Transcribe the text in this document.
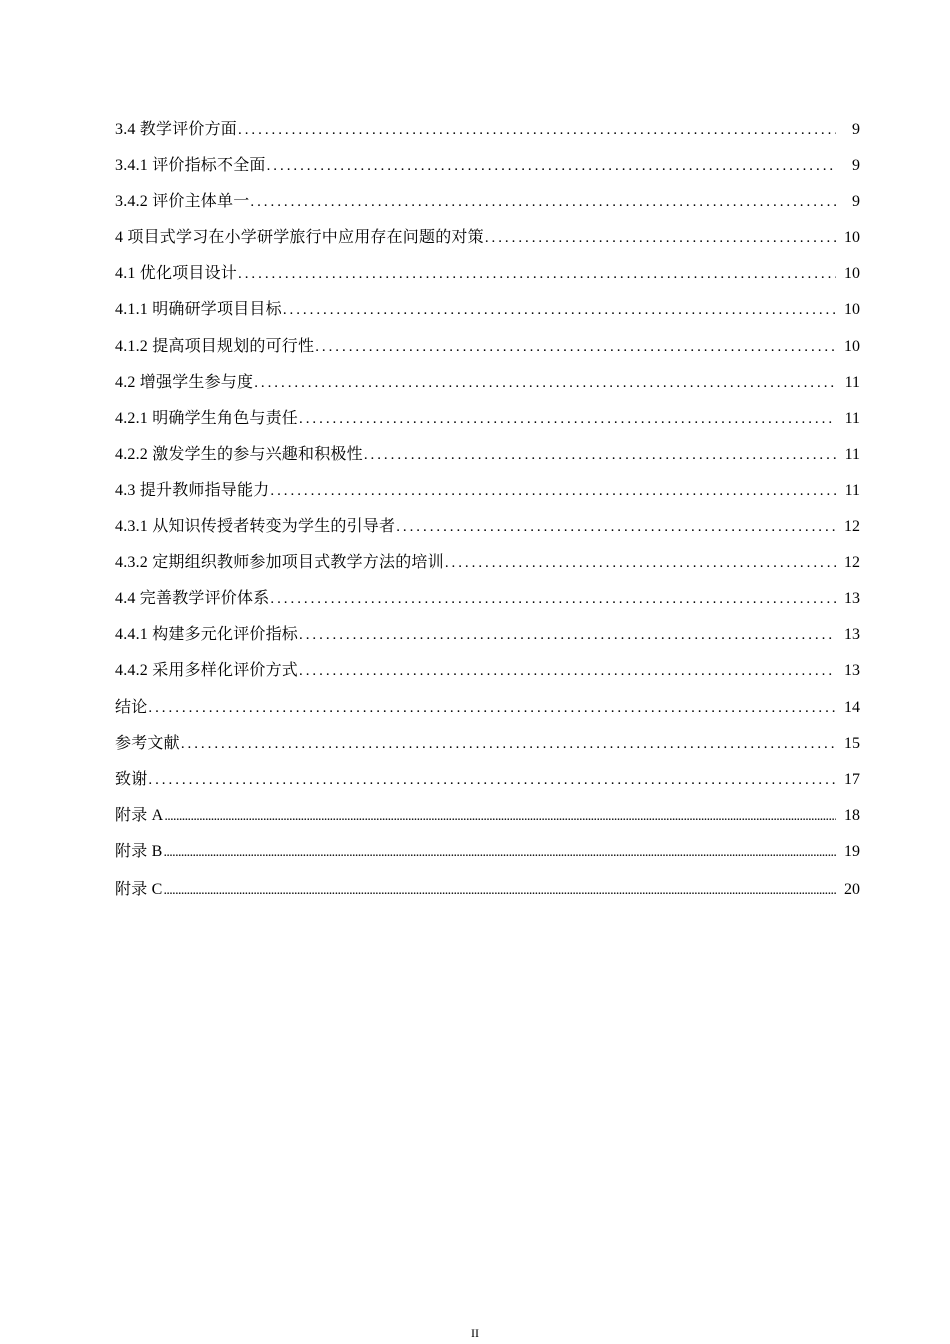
3.4 教学评价方面 . . .	9
3.4.1 评价指标不全面 . . .	9
3.4.2 评价主体单一 . . .	9
4 项目式学习在小学研学旅行中应用存在问题的对策 . . .	10
4.1 优化项目设计 . . .	10
4.1.1 明确研学项目目标 . . .	10
4.1.2 提高项目规划的可行性 . . .	10
4.2 增强学生参与度 . . .	11
4.2.1 明确学生角色与责任 . . .	11
4.2.2 激发学生的参与兴趣和积极性 . . .	11
4.3 提升教师指导能力 . . .	11
4.3.1 从知识传授者转变为学生的引导者 . . .	12
4.3.2 定期组织教师参加项目式教学方法的培训 . . .	12
4.4 完善教学评价体系 . . .	13
4.4.1 构建多元化评价指标 . . .	13
4.4.2 采用多样化评价方式 . . .	13
结论 . . .	14
参考文献 . . .	15
致谢 . . .	17
附录 A .....	18
附录 B .....	19
附录 C .....	20
II
